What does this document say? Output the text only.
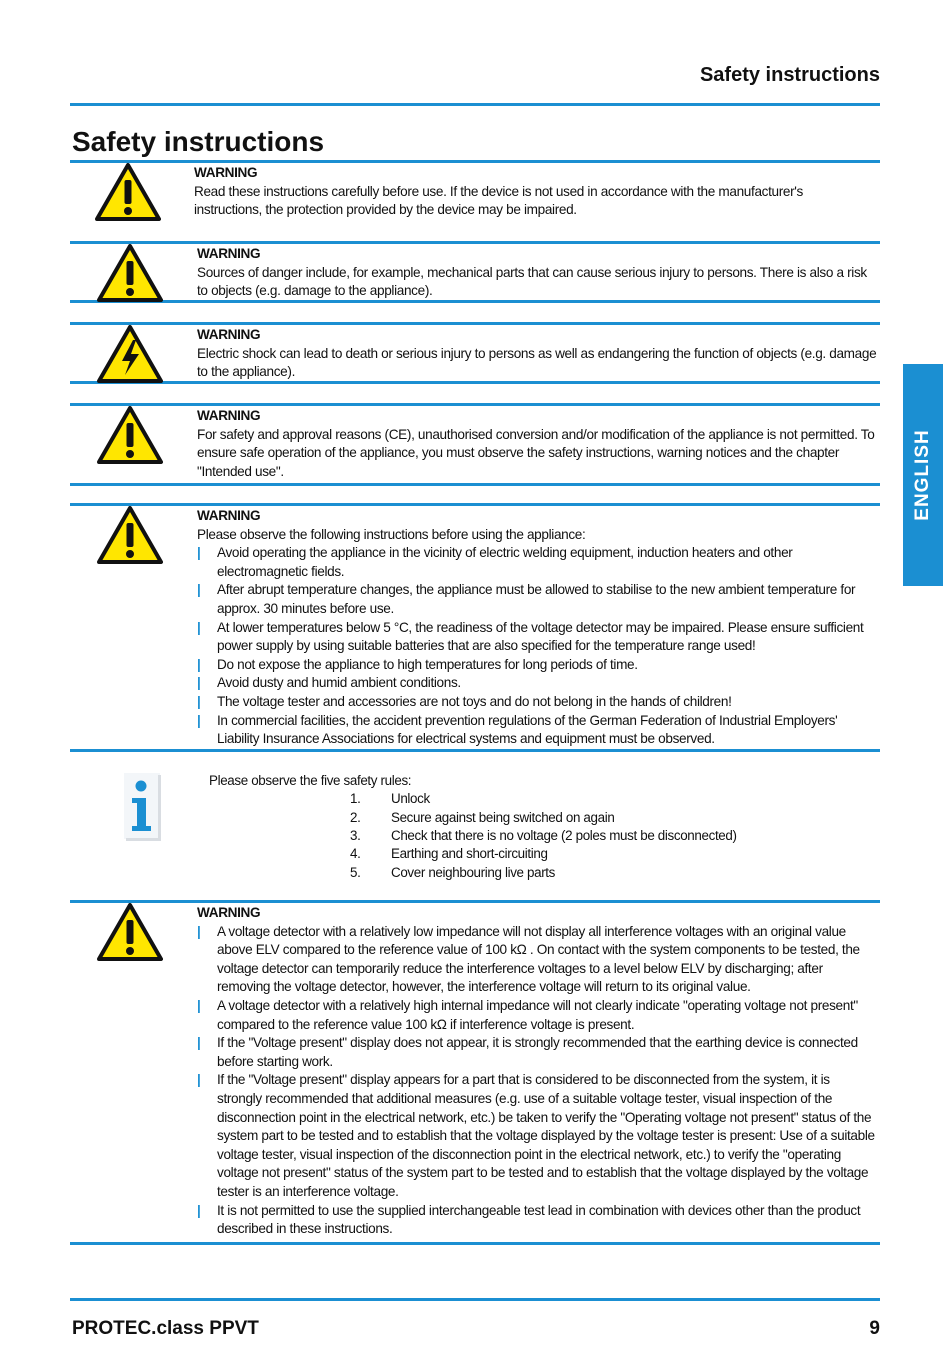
Safety instructions
Safety instructions
WARNING

Read these instructions carefully before use. If the device is not used in accordance with the manufacturer's instructions, the protection provided by the device may be impaired.

WARNING

Sources of danger include, for example, mechanical parts that can cause serious injury to persons. There is also a risk to objects (e.g. damage to the appliance).

WARNING

Electric shock can lead to death or serious injury to persons as well as endangering the function of objects (e.g. damage to the appliance).

WARNING

For safety and approval reasons (CE), unauthorised conversion and/or modification of the appliance is not permitted. To ensure safe operation of the appliance, you must observe the safety instructions, warning notices and the chapter "Intended use".

WARNING

Please observe the following instructions before using the appliance:

| Avoid operating the appliance in the vicinity of electric welding equipment, induction heaters and other electromagnetic fields.
| After abrupt temperature changes, the appliance must be allowed to stabilise to the new ambient temperature for approx. 30 minutes before use.
| At lower temperatures below 5 °C, the readiness of the voltage detector may be impaired. Please ensure sufficient power supply by using suitable batteries that are also specified for the temperature range used!
| Do not expose the appliance to high temperatures for long periods of time.
| Avoid dusty and humid ambient conditions.
| The voltage tester and accessories are not toys and do not belong in the hands of children!
| In commercial facilities, the accident prevention regulations of the German Federation of Industrial Employers' Liability Insurance Associations for electrical systems and equipment must be observed.

Please observe the five safety rules:

1. Unlock
2. Secure against being switched on again
3. Check that there is no voltage (2 poles must be disconnected)
4. Earthing and short-circuiting
5. Cover neighbouring live parts
WARNING
| A voltage detector with a relatively low impedance will not display all interference voltages with an original value above ELV compared to the reference value of 100 kΩ . On contact with the system components to be tested, the voltage detector can temporarily reduce the interference voltages to a level below ELV by discharging; after removing the voltage detector, however, the interference voltage will return to its original value.
| A voltage detector with a relatively high internal impedance will not clearly indicate "operating voltage not present" compared to the reference value 100 kΩ if interference voltage is present.
| If the "Voltage present" display does not appear, it is strongly recommended that the earthing device is connected before starting work.
| If the "Voltage present" display appears for a part that is considered to be disconnected from the system, it is strongly recommended that additional measures (e.g. use of a suitable voltage tester, visual inspection of the disconnection point in the electrical network, etc.) be taken to verify the "Operating voltage not present" status of the system part to be tested and to establish that the voltage displayed by the voltage tester is present: Use of a suitable voltage tester, visual inspection of the disconnection point in the electrical network, etc.) to verify the "operating voltage not present" status of the system part to be tested and to establish that the voltage displayed by the voltage tester is an interference voltage.
| It is not permitted to use the supplied interchangeable test lead in combination with devices other than the product described in these instructions.
ENGLISH
PROTEC.class PPVT	9
